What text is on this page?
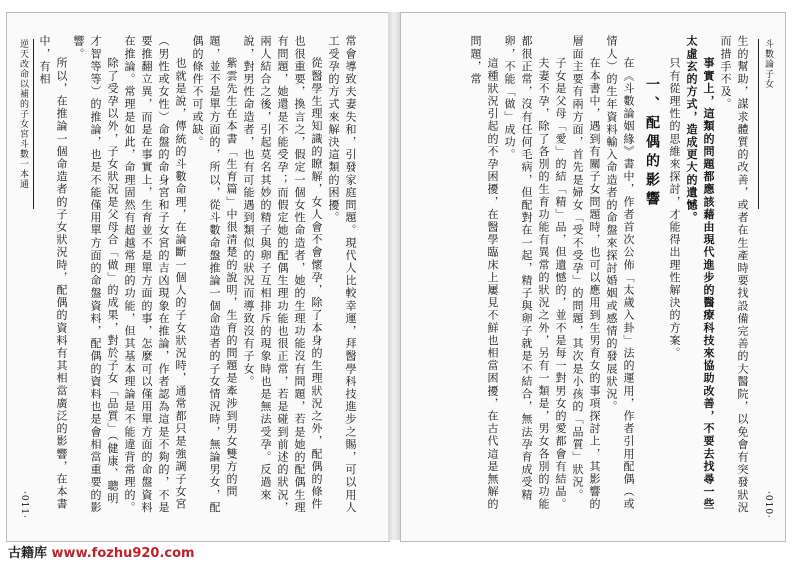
逆天改命以補的子女宮斗數一本通	常會導致夫妻失和，引發家庭問題。現代人比較幸運，拜醫學科技進步之賜，可以用人工受孕的方式來解決這類的困擾。

從醫學生理知識的瞭解，女人會不會懷孕，除了本身的生理狀況之外，配偶的條件也很重要，換言之，假定一個女性命造者，她的生理功能沒有問題，若是她的配偶生理有問題，她還是不能受孕；而假定她的配偶生理功能也很正常，若是碰到前述的狀況，兩人結合之後，引起莫名其妙的精子與卵子互相排斥的現象時也是無法受孕。反過來說，對男性命造者，也有可能遇到類似的狀況而導致沒有子女。

紫雲先生在本書「生育篇」中很清楚的說明，生育的問題是牽涉到男女雙方的問題，並不是單方面的，所以，從斗數命盤推論一個命造者的子女情況時，無論男女，配偶的條件不可或缺。

也就是說，傳統的斗數命理，在論斷一個人的子女狀況時，通常都只是強調子女宮（男性或女性）命盤的命身宮和子女宮的吉凶現象在推論，作者認為這是不夠的，不是要推翻立異，而是在事實上，生育並不是單方面的事，怎麼可以僅用單方面的命盤資料在推論。常理是如此，命理固然有超越常理的功能，但其基本理論是不能違背常理的。

除了受孕以外，子女狀況是父母合「做」的成果，對於子女「品質」（健康、聰明才智等等）的推論，也是不能僅用單方面的命盤資料，配偶的資料也是會相當重要的影響。

所以，在推論一個命造者的子女狀況時，配偶的資料有其相當廣泛的影響，在本書中，有相

·011·
斗數論子女

生的幫助，謀求體質的改善，或者在生產時要找設備完善的大醫院，以免會有突發狀況而措手不及。

事實上，這類的問題都應該藉由現代進步的醫療科技來協助改善，不要去找尋一些太虛玄的方式，造成更大的遺憾。

只有從理性的思維來探討，才能得出理性解決的方案。

一、配偶的影響

在《斗數論姻緣》書中，作者首次公佈「太歲入卦」法的運用，作者引用配偶（或情人）的生年資料輸入命造者的命盤來探討婚姻或感情的發展狀況。

在本書中，遇到有關子女問題時，也可以應用到生男育女的事項探討上，其影響的層面主要有兩方面，首先是婦女「受不受孕」的問題，其次是小孩的「品質」狀況。

子女是父母「愛」的結「精」品，但遺憾的，並不是每一對男女的愛都會有結晶。

夫妻不孕，除了各別的生育功能有異常的狀況之外，另有一類是，男女各別的功能都很正常，沒有任何毛病，但配對在一起，精子與卵子就是不結合，無法孕育成受精卵，不能「做」成功。

這種狀況引起的不孕困擾，在醫學臨床上屢見不鮮也相當困擾，在古代這是無解的問題，常

·010·
古籍库 www.fozhu920.com
